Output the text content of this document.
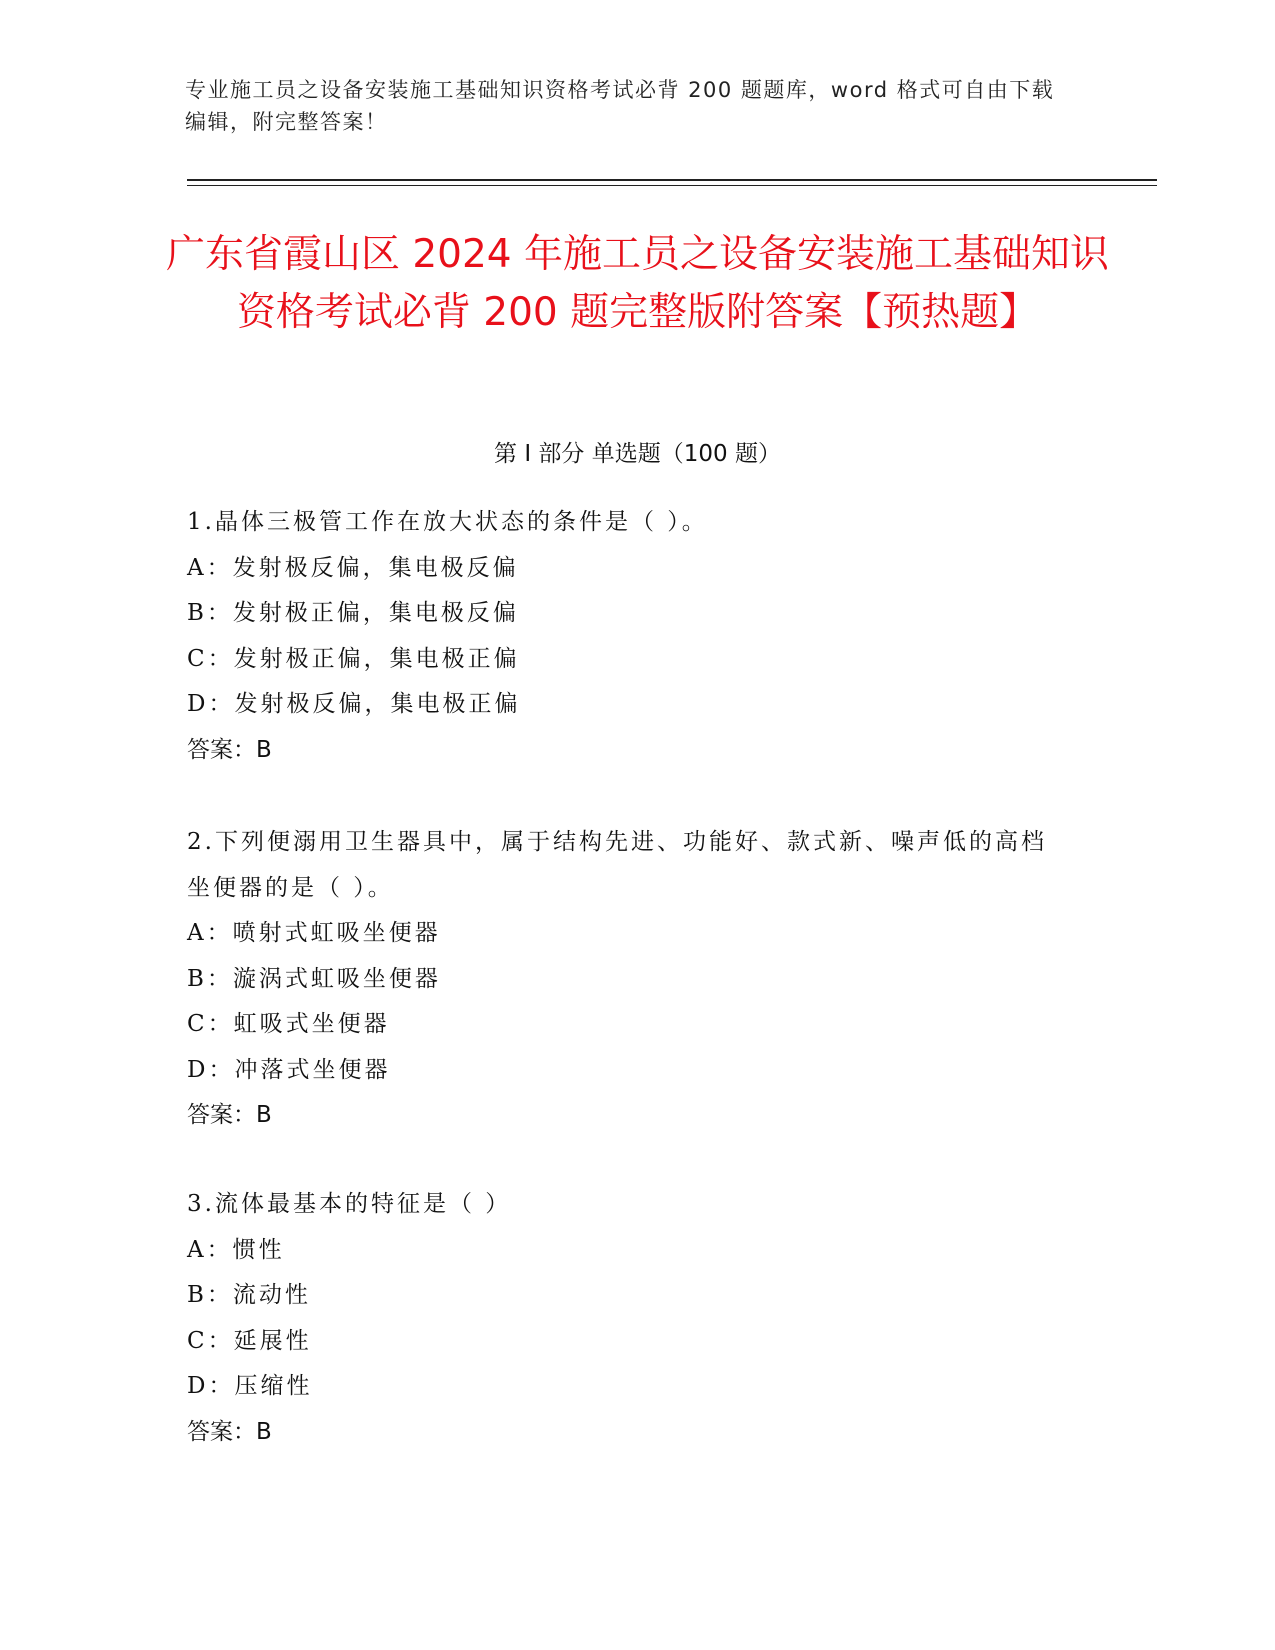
专业施工员之设备安装施工基础知识资格考试必背 200 题题库，word 格式可自由下载编辑，附完整答案！
广东省霞山区 2024 年施工员之设备安装施工基础知识资格考试必背 200 题完整版附答案【预热题】
第 I 部分 单选题（100 题）
1.晶体三极管工作在放大状态的条件是（ ）。
A：发射极反偏，集电极反偏
B：发射极正偏，集电极反偏
C：发射极正偏，集电极正偏
D：发射极反偏，集电极正偏
答案：B
2.下列便溺用卫生器具中，属于结构先进、功能好、款式新、噪声低的高档坐便器的是（ ）。
A：喷射式虹吸坐便器
B：漩涡式虹吸坐便器
C：虹吸式坐便器
D：冲落式坐便器
答案：B
3.流体最基本的特征是（ ）
A：惯性
B：流动性
C：延展性
D：压缩性
答案：B
